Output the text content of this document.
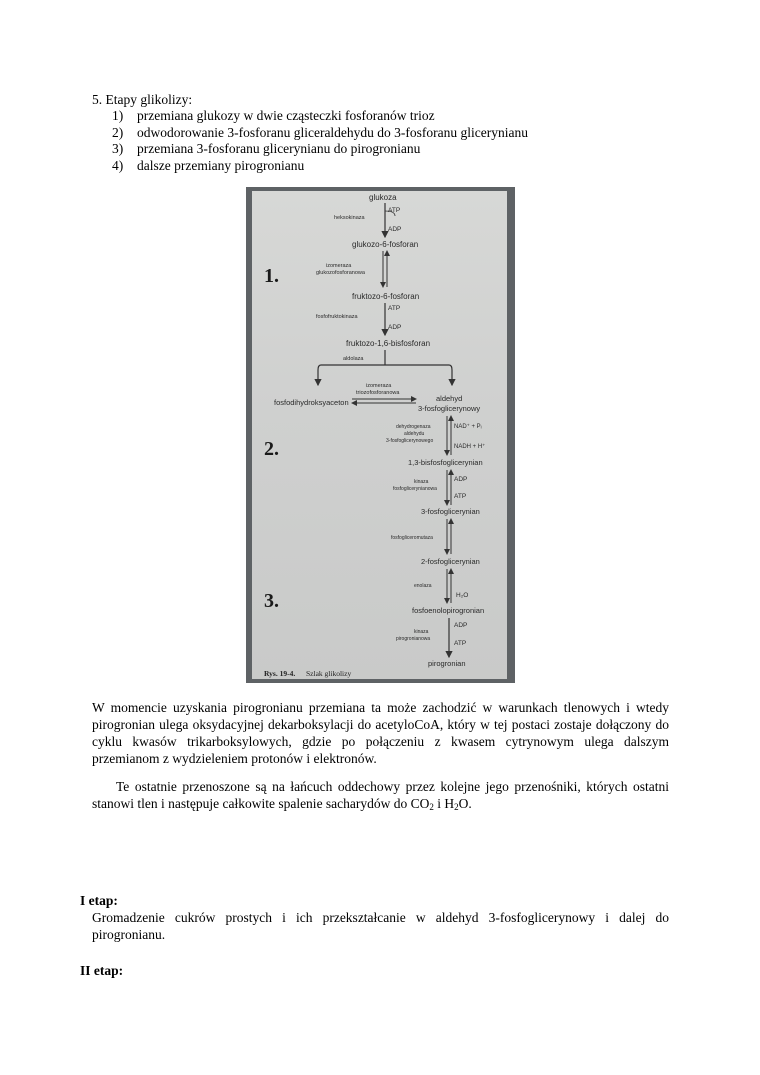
5. Etapy glikolizy:
1)	przemiana glukozy w dwie cząsteczki fosforanów trioz
2)	odwodorowanie 3-fosforanu gliceraldehydu do 3-fosforanu glicerynianu
3)	przemiana 3-fosforanu glicerynianu do pirogronianu
4)	dalsze przemiany pirogronianu
1.
2.
3.
glukoza
ATP
ADP
heksokinaza
glukozo-6-fosforan
izomeraza
glukozofosforanowa
fruktozo-6-fosforan
ATP
ADP
fosfofruktokinaza
fruktozo-1,6-bisfosforan
aldolaza
izomeraza
triozofosforanowa
fosfodihydroksyaceton	aldehyd
3-fosfoglicerynowy
NAD⁺ + Pᵢ
NADH + H⁺
dehydrogenaza
aldehydu
3-fosfoglicerynowego
1,3-bisfosfoglicerynian
ADP
ATP
kinaza
fosfoglicerynianowa
3-fosfoglicerynian
fosfogliceromutaza
2-fosfoglicerynian
H₂O
enolaza
fosfoenolopirogronian
ADP
ATP
kinaza
pirogronianowa
pirogronian
Rys. 19-4. Szlak glikolizy

W momencie uzyskania pirogronianu przemiana ta może zachodzić w warunkach tlenowych i wtedy pirogronian ulega oksydacyjnej dekarboksylacji do acetyloCoA, który w tej postaci zostaje dołączony do cyklu kwasów trikarboksylowych, gdzie po połączeniu z kwasem cytrynowym ulega dalszym przemianom z wydzieleniem protonów i elektronów.

Te ostatnie przenoszone są na łańcuch oddechowy przez kolejne jego przenośniki, których ostatni stanowi tlen i następuje całkowite spalenie sacharydów do $CO_2$ i $H_2O$.

I etap:

Gromadzenie cukrów prostych i ich przekształcanie w aldehyd 3-fosfoglicerynowy i dalej do pirogronianu.

II etap:
